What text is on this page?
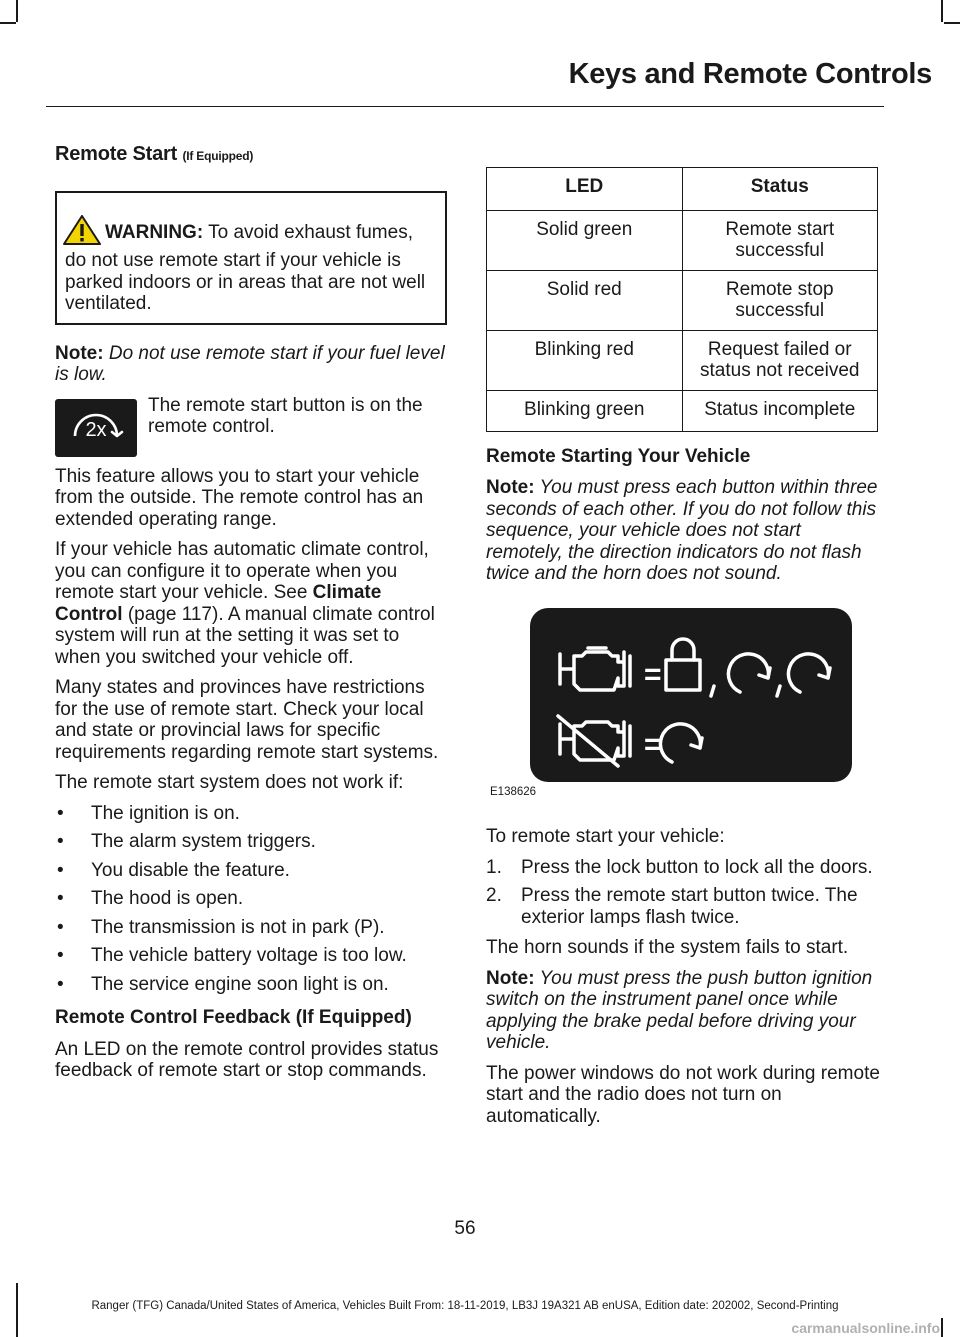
Keys and Remote Controls
Remote Start (If Equipped)
WARNING: To avoid exhaust fumes, do not use remote start if your vehicle is parked indoors or in areas that are not well ventilated.

Note: Do not use remote start if your fuel level is low.

2x
The remote start button is on the remote control.

This feature allows you to start your vehicle from the outside. The remote control has an extended operating range.

If your vehicle has automatic climate control, you can configure it to operate when you remote start your vehicle. See Climate Control (page 117). A manual climate control system will run at the setting it was set to when you switched your vehicle off.

Many states and provinces have restrictions for the use of remote start. Check your local and state or provincial laws for specific requirements regarding remote start systems.

The remote start system does not work if:

•	The ignition is on.
•	The alarm system triggers.
•	You disable the feature.
•	The hood is open.
•	The transmission is not in park (P).
•	The vehicle battery voltage is too low.
•	The service engine soon light is on.
Remote Control Feedback (If Equipped)

An LED on the remote control provides status feedback of remote start or stop commands.

LED	Status
Solid green	Remote start successful
Solid red	Remote stop successful
Blinking red	Request failed or status not received
Blinking green	Status incomplete
Remote Starting Your Vehicle

Note: You must press each button within three seconds of each other. If you do not follow this sequence, your vehicle does not start remotely, the direction indicators do not flash twice and the horn does not sound.

=
=
E138626

To remote start your vehicle:

1.	Press the lock button to lock all the doors.
2.	Press the remote start button twice. The exterior lamps flash twice.

The horn sounds if the system fails to start.

Note: You must press the push button ignition switch on the instrument panel once while applying the brake pedal before driving your vehicle.

The power windows do not work during remote start and the radio does not turn on automatically.

56
Ranger (TFG) Canada/United States of America, Vehicles Built From: 18-11-2019, LB3J 19A321 AB enUSA, Edition date: 202002, Second-Printing
carmanualsonline.info
